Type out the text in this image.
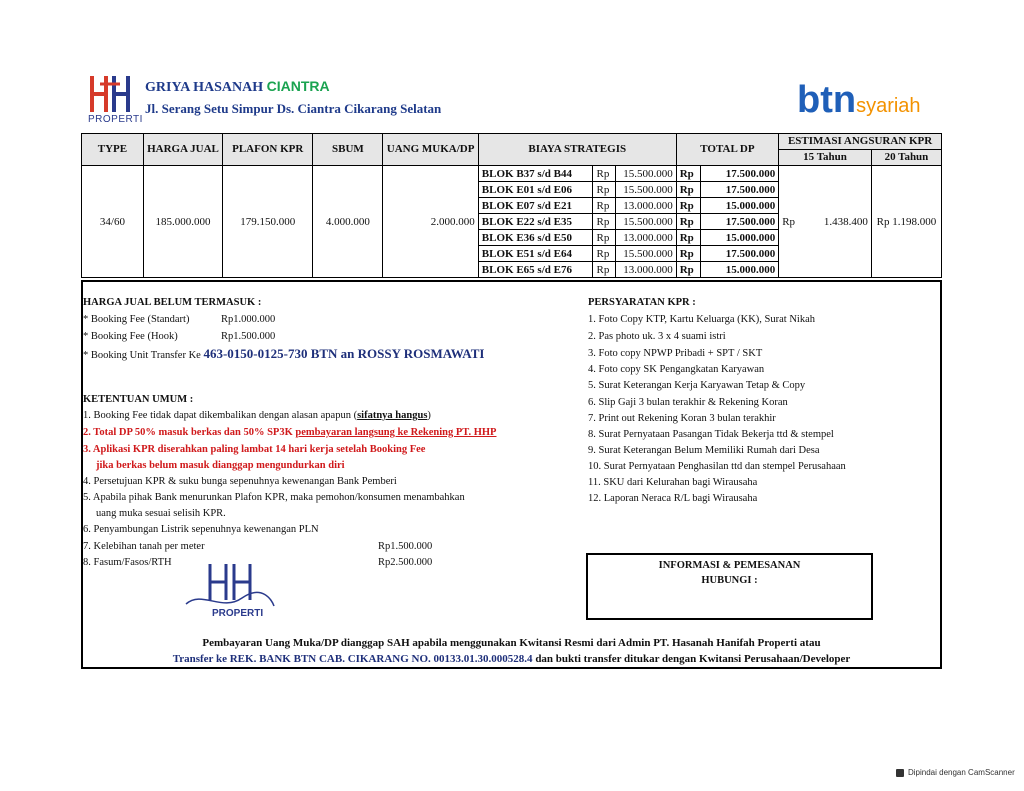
PROPERTI
GRIYA HASANAH CIANTRA
Jl. Serang Setu Simpur Ds. Ciantra Cikarang Selatan	btnsyariah
TYPE	HARGA JUAL	PLAFON KPR	SBUM	UANG MUKA/DP	BIAYA STRATEGIS			TOTAL DP		ESTIMASI ANGSURAN KPR		
										15 Tahun		20 Tahun
34/60	185.000.000	179.150.000	4.000.000	2.000.000	BLOK B37 s/d B44	Rp	15.500.000	Rp	17.500.000	Rp	1.438.400	Rp 1.198.000
					BLOK E01 s/d E06	Rp	15.500.000	Rp	17.500.000			
					BLOK E07 s/d E21	Rp	13.000.000	Rp	15.000.000			
					BLOK E22 s/d E35	Rp	15.500.000	Rp	17.500.000			
					BLOK E36 s/d E50	Rp	13.000.000	Rp	15.000.000			
					BLOK E51 s/d E64	Rp	15.500.000	Rp	17.500.000			
					BLOK E65 s/d E76	Rp	13.000.000	Rp	15.000.000			
HARGA JUAL BELUM TERMASUK :
* Booking Fee (Standart)	Rp1.000.000
* Booking Fee (Hook)	Rp1.500.000
* Booking Unit Transfer Ke 463-0150-0125-730 BTN an ROSSY ROSMAWATI
KETENTUAN UMUM :
1. Booking Fee tidak dapat dikembalikan dengan alasan apapun (sifatnya hangus)
2. Total DP 50% masuk berkas dan 50% SP3K pembayaran langsung ke Rekening PT. HHP
3. Aplikasi KPR diserahkan paling lambat 14 hari kerja setelah Booking Fee
jika berkas belum masuk dianggap mengundurkan diri
4. Persetujuan KPR & suku bunga sepenuhnya kewenangan Bank Pemberi
5. Apabila pihak Bank menurunkan Plafon KPR, maka pemohon/konsumen menambahkan
uang muka sesuai selisih KPR.
6. Penyambungan Listrik sepenuhnya kewenangan PLN
7. Kelebihan tanah per meter	Rp1.500.000
8. Fasum/Fasos/RTH	Rp2.500.000
PROPERTI
PERSYARATAN KPR :
1. Foto Copy KTP, Kartu Keluarga (KK), Surat Nikah
2. Pas photo uk. 3 x 4 suami istri
3. Foto copy NPWP Pribadi + SPT / SKT
4. Foto copy SK Pengangkatan Karyawan
5. Surat Keterangan Kerja Karyawan Tetap & Copy
6. Slip Gaji 3 bulan terakhir & Rekening Koran
7. Print out Rekening Koran 3 bulan terakhir
8. Surat Pernyataan Pasangan Tidak Bekerja ttd & stempel
9. Surat Keterangan Belum Memiliki Rumah dari Desa
10. Surat Pernyataan Penghasilan ttd dan stempel Perusahaan
11. SKU dari Kelurahan bagi Wirausaha
12. Laporan Neraca R/L bagi Wirausaha
INFORMASI & PEMESANAN
HUBUNGI :
Pembayaran Uang Muka/DP dianggap SAH apabila menggunakan Kwitansi Resmi dari Admin PT. Hasanah Hanifah Properti atau
Transfer ke REK. BANK BTN CAB. CIKARANG NO. 00133.01.30.000528.4 dan bukti transfer ditukar dengan Kwitansi Perusahaan/Developer
Dipindai dengan CamScanner
